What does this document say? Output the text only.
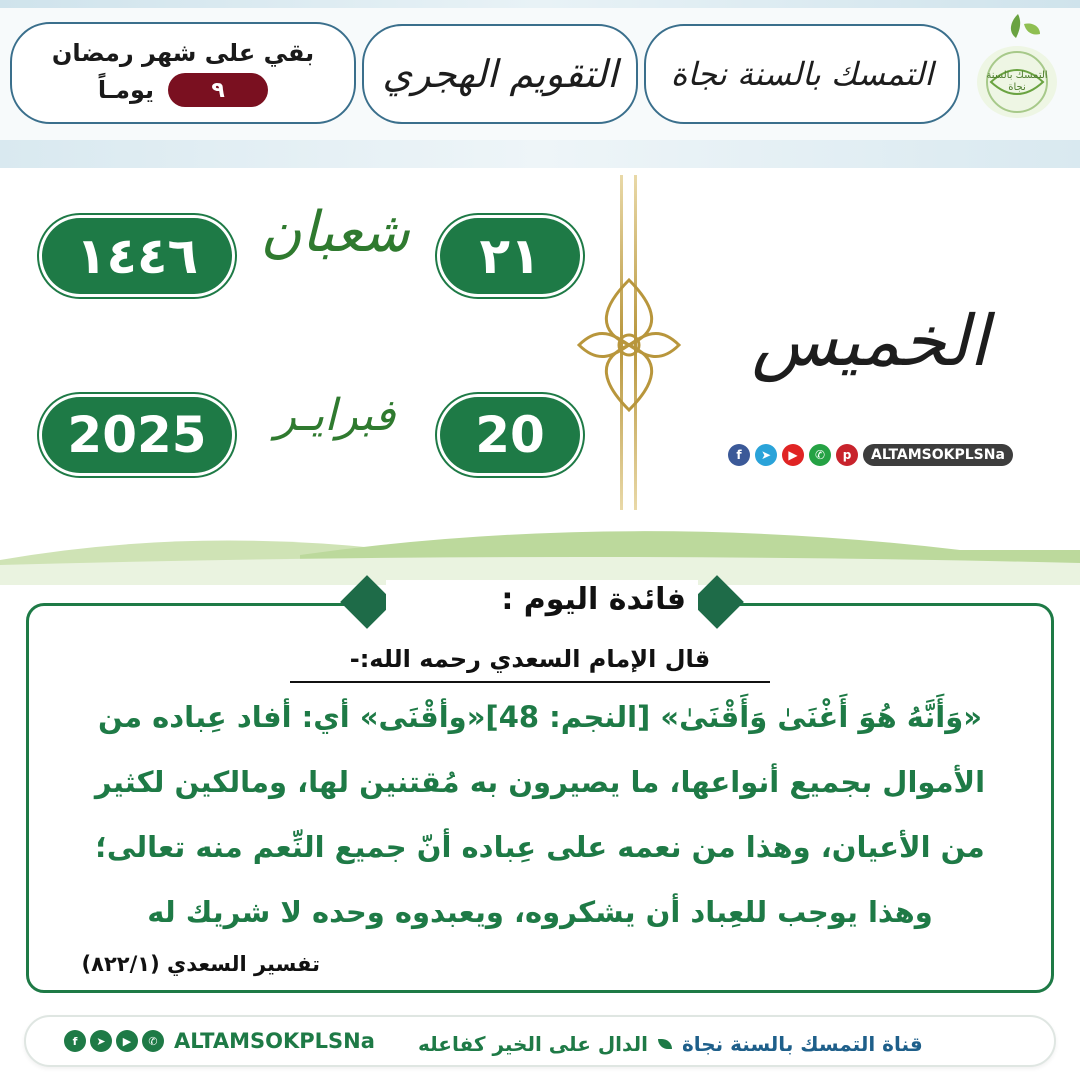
بقي على شهر رمضان
يومـاً	٩	التقويم الهجري التمسك بالسنة نجاة	التمسك بالسنة نجاة
٢١
شعبان
١٤٤٦
20
فبرايـر
2025
الخميس
f	➤	▶	✆	p	ALTAMSOKPLSNa
فائدة اليوم :
قال الإمام السعدي رحمه الله:-
«وَأَنَّهُ هُوَ أَغْنَىٰ وَأَقْنَىٰ» [النجم: 48]«وأقْنَى» أي: أفاد عِباده من
الأموال بجميع أنواعها، ما يصيرون به مُقتنين لها، ومالكين لكثير
من الأعيان، وهذا من نعمه على عِباده أنّ جميع النِّعم منه تعالى؛
وهذا يوجب للعِباد أن يشكروه، ويعبدوه وحده لا شريك له
تفسير السعدي (٨٢٢/١)
f	➤	▶	✆ ALTAMSOKPLSNa	قناة التمسك بالسنة نجاة
الدال على الخير كفاعله
